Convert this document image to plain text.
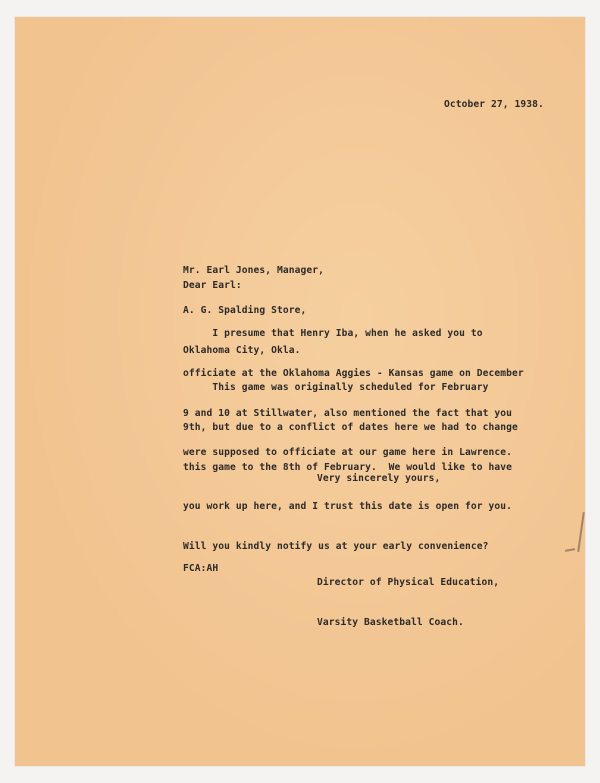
October 27, 1938.

Mr. Earl Jones, Manager,

A. G. Spalding Store,

Oklahoma City, Okla.

Dear Earl:

I presume that Henry Iba, when he asked you to

officiate at the Oklahoma Aggies - Kansas game on December

9 and 10 at Stillwater, also mentioned the fact that you

were supposed to officiate at our game here in Lawrence.

This game was originally scheduled for February

9th, but due to a conflict of dates here we had to change

this game to the 8th of February.  We would like to have

you work up here, and I trust this date is open for you.

Will you kindly notify us at your early convenience?

Very sincerely yours,
FCA:AH

Director of Physical Education,

Varsity Basketball Coach.
